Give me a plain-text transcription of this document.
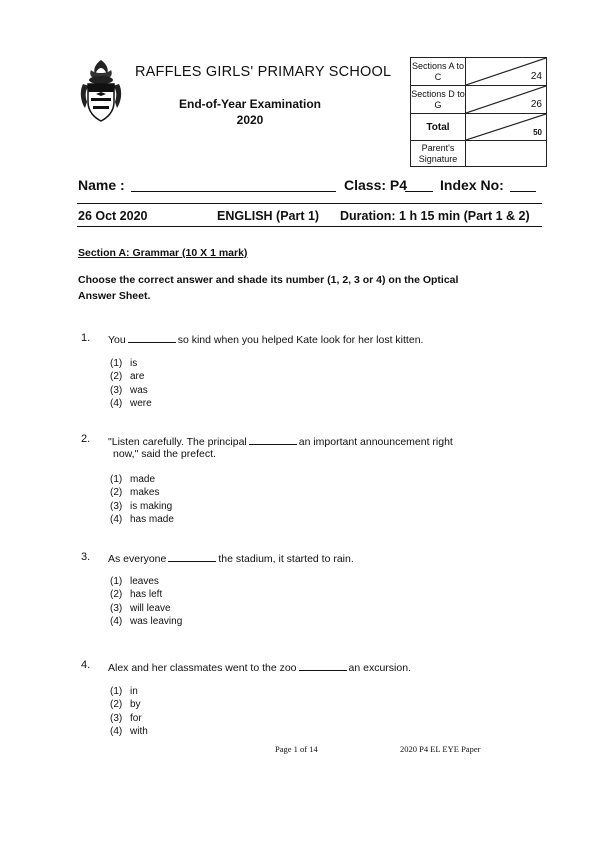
RAFFLES GIRLS' PRIMARY SCHOOL
End-of-Year Examination
2020
Sections A to C	24

Sections D to G	26

Total	50

Parent's Signature	
Name :	Class: P4 Index No:
26 Oct 2020	ENGLISH (Part 1) Duration: 1 h 15 min (Part 1 & 2)
Section A: Grammar (10 X 1 mark)
Choose the correct answer and shade its number (1, 2, 3 or 4) on the Optical Answer Sheet.
1. You	so kind when you helped Kate look for her lost kitten.
(1) is
(2) are
(3) was
(4) were
2. "Listen carefully. The principal	an important announcement right
now," said the prefect.
(1) made
(2) makes
(3) is making
(4) has made
3. As everyone	the stadium, it started to rain.
(1) leaves
(2) has left
(3) will leave
(4) was leaving
4. Alex and her classmates went to the zoo	an excursion.
(1) in
(2) by
(3) for
(4) with
Page 1 of 14	2020 P4 EL EYE Paper
